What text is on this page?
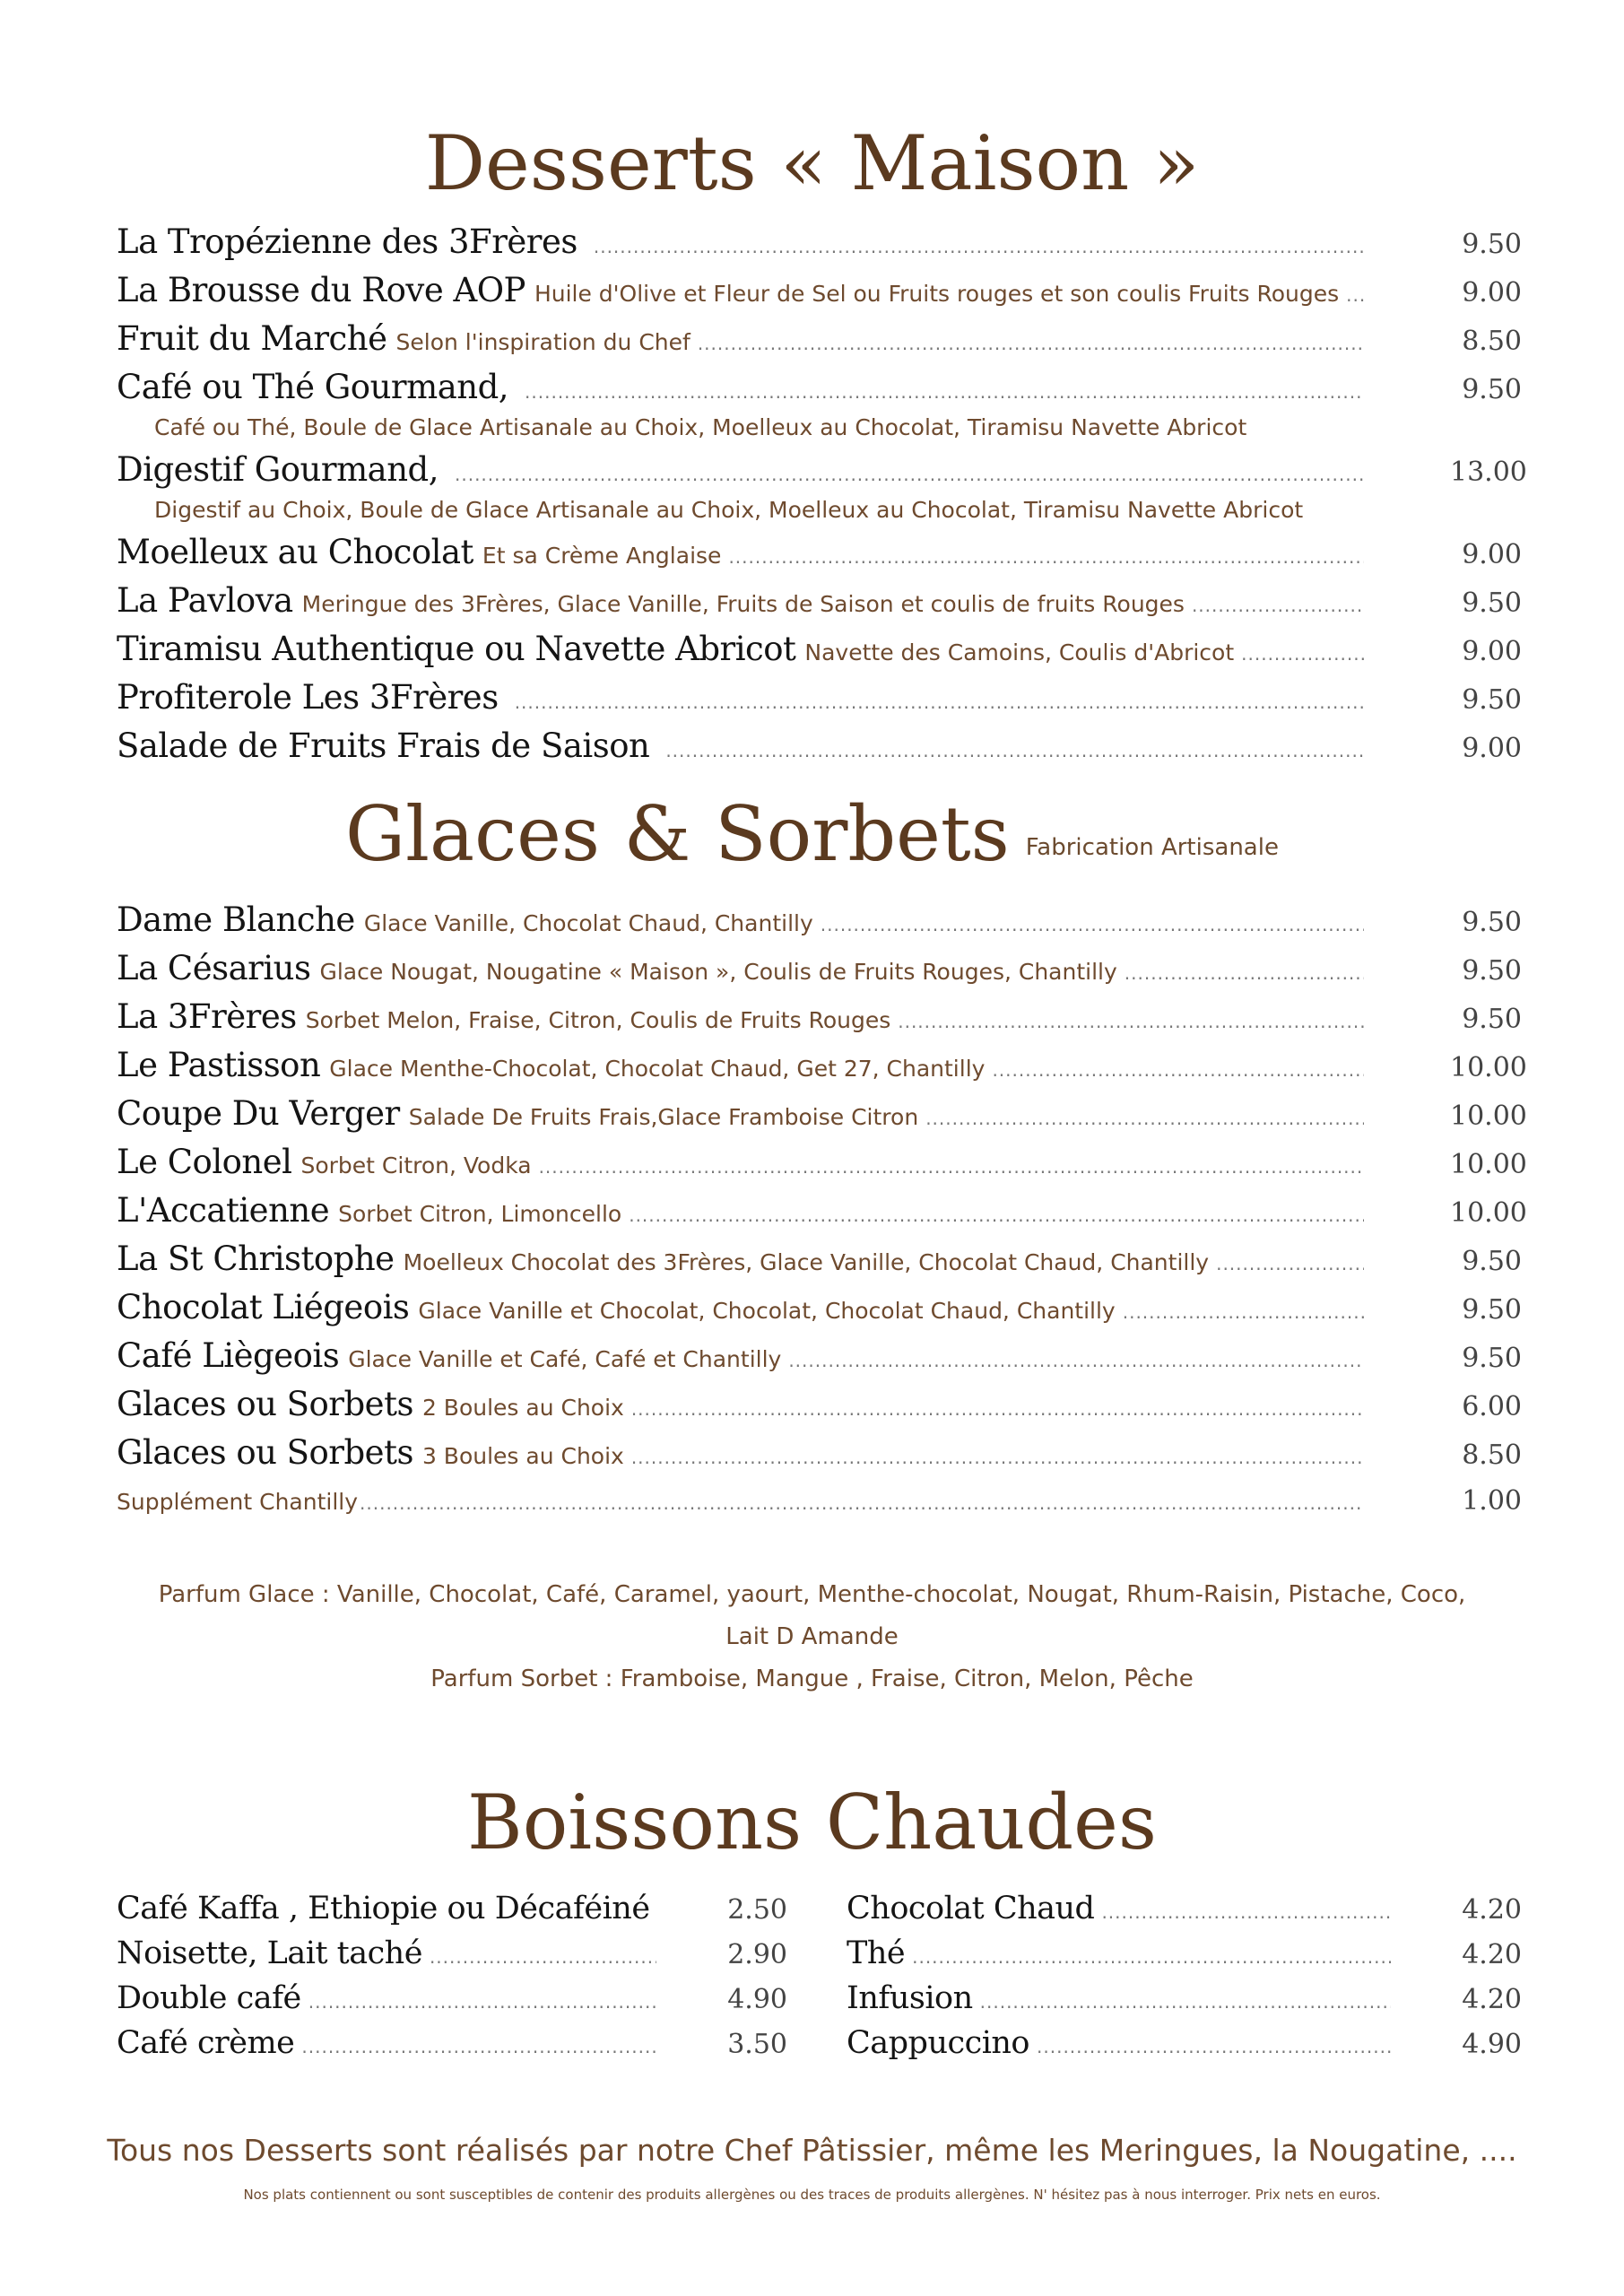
Desserts « Maison »
La Tropézienne des 3Frères .....	9.50
La Brousse du Rove AOP Huile d'Olive et Fleur de Sel ou Fruits rouges et son coulis Fruits Rouges .....	9.00
Fruit du Marché Selon l'inspiration du Chef .....	8.50
Café ou Thé Gourmand, .....	9.50
Café ou Thé, Boule de Glace Artisanale au Choix, Moelleux au Chocolat, Tiramisu Navette Abricot
Digestif Gourmand, .....	13.00
Digestif au Choix, Boule de Glace Artisanale au Choix, Moelleux au Chocolat, Tiramisu Navette Abricot
Moelleux au Chocolat Et sa Crème Anglaise .....	9.00
La Pavlova Meringue des 3Frères, Glace Vanille, Fruits de Saison et coulis de fruits Rouges .....	9.50
Tiramisu Authentique ou Navette Abricot Navette des Camoins, Coulis d'Abricot .....	9.00
Profiterole Les 3Frères .....	9.50
Salade de Fruits Frais de Saison .....	9.00
Glaces & Sorbets Fabrication Artisanale
Dame Blanche Glace Vanille, Chocolat Chaud, Chantilly .....	9.50
La Césarius Glace Nougat, Nougatine « Maison », Coulis de Fruits Rouges, Chantilly .....	9.50
La 3Frères Sorbet Melon, Fraise, Citron, Coulis de Fruits Rouges .....	9.50
Le Pastisson Glace Menthe-Chocolat, Chocolat Chaud, Get 27, Chantilly .....	10.00
Coupe Du Verger Salade De Fruits Frais,Glace Framboise Citron .....	10.00
Le Colonel Sorbet Citron, Vodka .....	10.00
L'Accatienne Sorbet Citron, Limoncello .....	10.00
La St Christophe Moelleux Chocolat des 3Frères, Glace Vanille, Chocolat Chaud, Chantilly .....	9.50
Chocolat Liégeois Glace Vanille et Chocolat, Chocolat, Chocolat Chaud, Chantilly .....	9.50
Café Liègeois Glace Vanille et Café, Café et Chantilly .....	9.50
Glaces ou Sorbets 2 Boules au Choix .....	6.00
Glaces ou Sorbets 3 Boules au Choix .....	8.50
Supplément Chantilly .....	1.00
Parfum Glace : Vanille, Chocolat, Café, Caramel, yaourt, Menthe-chocolat, Nougat, Rhum-Raisin, Pistache, Coco,
Lait D Amande
Parfum Sorbet : Framboise, Mangue , Fraise, Citron, Melon, Pêche
Boissons Chaudes
Café Kaffa , Ethiopie ou Décaféiné	2.50
Noisette, Lait taché .....	2.90
Double café .....	4.90
Café crème .....	3.50
Chocolat Chaud .....	4.20
Thé .....	4.20
Infusion .....	4.20
Cappuccino .....	4.90
Tous nos Desserts sont réalisés par notre Chef Pâtissier, même les Meringues, la Nougatine, ....
Nos plats contiennent ou sont susceptibles de contenir des produits allergènes ou des traces de produits allergènes. N' hésitez pas à nous interroger. Prix nets en euros.
